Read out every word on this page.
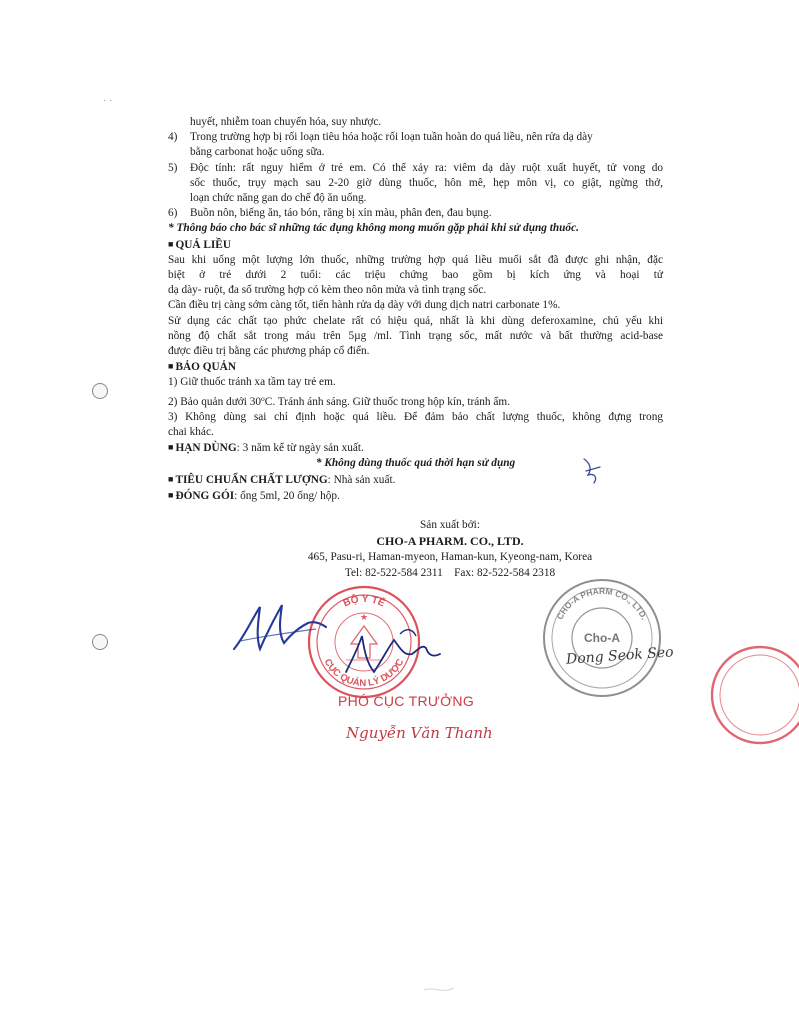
· ·
huyết, nhiễm toan chuyển hóa, suy nhược.
4)	Trong trường hợp bị rối loạn tiêu hóa hoặc rối loạn tuần hoàn do quá liều, nên rửa dạ dày
bằng carbonat hoặc uống sữa.
5)	Độc tính: rất nguy hiểm ở trẻ em. Có thể xảy ra: viêm dạ dày ruột xuất huyết, tử vong do
sốc thuốc, trụy mạch sau 2-20 giờ dùng thuốc, hôn mê, hẹp môn vị, co giật, ngừng thở,
loạn chức năng gan do chế độ ăn uống.
6)	Buồn nôn, biếng ăn, táo bón, răng bị xỉn màu, phân đen, đau bụng.
* Thông báo cho bác sĩ những tác dụng không mong muốn gặp phải khi sử dụng thuốc.
■ QUÁ LIỀU
Sau khi uống một lượng lớn thuốc, những trường hợp quá liều muối sắt đã được ghi nhận, đặc
biệt ở trẻ dưới 2 tuổi: các triệu chứng bao gồm bị kích ứng và hoại tử
dạ dày- ruột, đa số trường hợp có kèm theo nôn mửa và tình trạng sốc.
Cần điều trị càng sớm càng tốt, tiến hành rửa dạ dày với dung dịch natri carbonate 1%.
Sử dụng các chất tạo phức chelate rất có hiệu quả, nhất là khi dùng deferoxamine, chủ yếu khi
nồng độ chất sắt trong máu trên 5µg /ml. Tình trạng sốc, mất nước và bất thường acid-base
được điều trị bằng các phương pháp cổ điển.
■ BẢO QUẢN
1) Giữ thuốc tránh xa tầm tay trẻ em.
2) Bảo quản dưới 30$^o$C. Tránh ánh sáng. Giữ thuốc trong hộp kín, tránh ẩm.
3) Không dùng sai chỉ định hoặc quá liều. Để đảm bảo chất lượng thuốc, không đựng trong
chai khác.
■ HẠN DÙNG: 3 năm kể từ ngày sản xuất.
* Không dùng thuốc quá thời hạn sử dụng
■ TIÊU CHUẨN CHẤT LƯỢNG: Nhà sản xuất.
■ ĐÓNG GÓI: ống 5ml, 20 ống/ hộp.
Sản xuất bởi:
CHO-A PHARM. CO., LTD.
465, Pasu-ri, Haman-myeon, Haman-kun, Kyeong-nam, Korea
Tel: 82-522-584 2311    Fax: 82-522-584 2318
BỘ Y TẾ
CỤC QUẢN LÝ DƯỢC
★
PHÓ CỤC TRƯỞNG
Nguyễn Văn Thanh
CHO-A PHARM CO., LTD.
Cho-A
Dong Seok Seo
